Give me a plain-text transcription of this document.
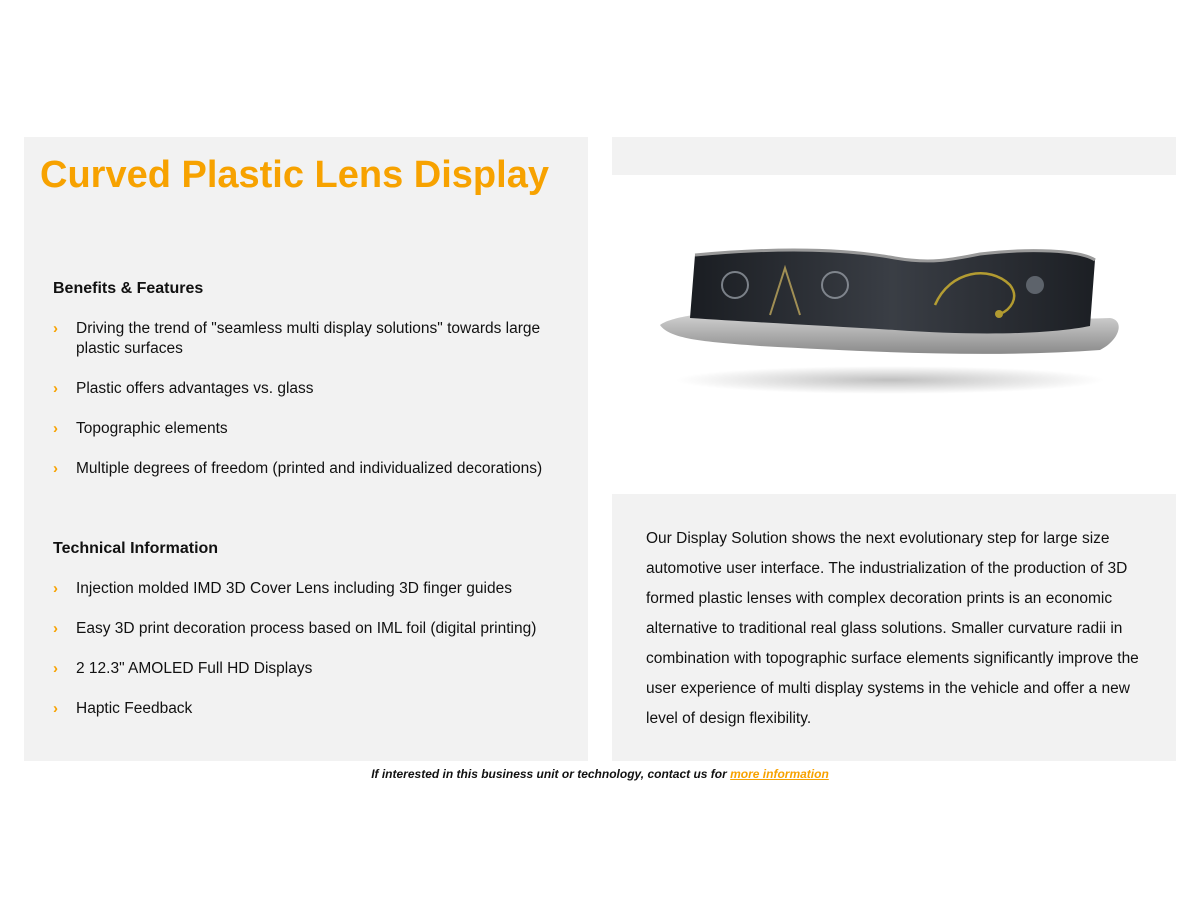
Curved Plastic Lens Display
Benefits & Features
› Driving the trend of "seamless multi display solutions" towards large plastic surfaces
› Plastic offers advantages vs. glass
› Topographic elements
› Multiple degrees of freedom (printed and individualized decorations)
Technical Information
› Injection molded IMD 3D Cover Lens including 3D finger guides
› Easy 3D print decoration process based on IML foil (digital printing)
› 2 12.3" AMOLED Full HD Displays
› Haptic Feedback

Our Display Solution shows the next evolutionary step for large size automotive user interface. The industrialization of the production of 3D formed plastic lenses with complex decoration prints is an economic alternative to traditional real glass solutions. Smaller curvature radii in combination with topographic surface elements significantly improve the user experience of multi display systems in the vehicle and offer a new level of design flexibility.

If interested in this business unit or technology, contact us for more information
